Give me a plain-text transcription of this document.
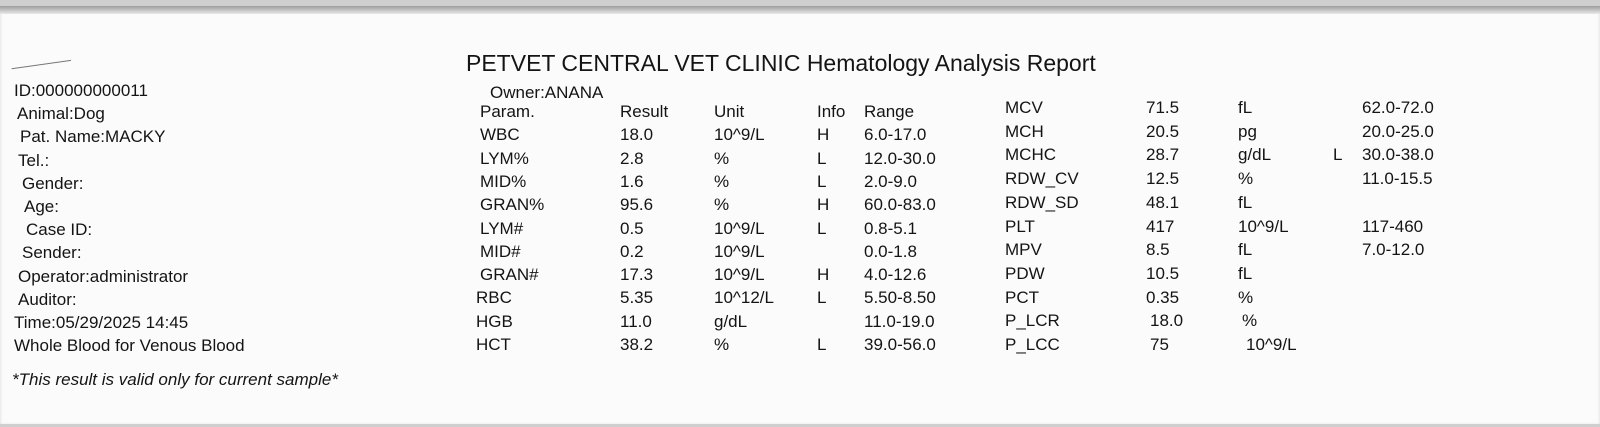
PETVET CENTRAL VET CLINIC Hematology Analysis Report
Owner:ANANA
ID:000000000011
Animal:Dog
Pat. Name:MACKY
Tel.:
Gender:
Age:
Case ID:
Sender:
Operator:administrator
Auditor:
Time:05/29/2025 14:45
Whole Blood for Venous Blood
*This result is valid only for current sample*
Param.	Result	Unit	Info Range
WBC	18.0	10^9/L	H 6.0-17.0
LYM%	2.8	%	L 12.0-30.0
MID%	1.6	%	L 2.0-9.0
GRAN%	95.6	%	H 60.0-83.0
LYM#	0.5	10^9/L	L 0.8-5.1
MID#	0.2	10^9/L	0.0-1.8
GRAN#	17.3	10^9/L	H 4.0-12.6
RBC	5.35	10^12/L	L 5.50-8.50
HGB	11.0	g/dL	11.0-19.0
HCT	38.2	%	L 39.0-56.0
MCV	71.5	fL	62.0-72.0
MCH	20.5	pg	20.0-25.0
MCHC	28.7	g/dL	L 30.0-38.0
RDW_CV	12.5	%	11.0-15.5
RDW_SD	48.1	fL
PLT	417	10^9/L	117-460
MPV	8.5	fL	7.0-12.0
PDW	10.5	fL
PCT	0.35	%
P_LCR	18.0	%
P_LCC	75	10^9/L
